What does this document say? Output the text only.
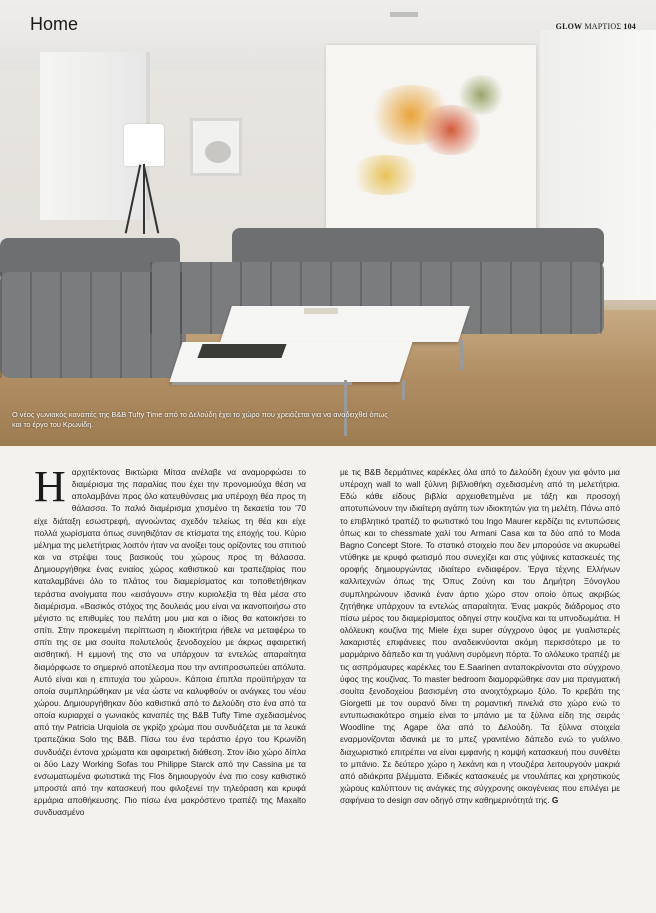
Ο νέος γωνιακός καναπές της B&B Tufty Time από το Δελούδη έχει το χώρο που χρειάζεται για να αναδειχθεί όπως και το έργο του Κρωνίδη.
Home	GLOW ΜΑΡΤΙΟΣ 104
Η αρχιτέκτονας Βικτώρια Μίτσα ανέλαβε να αναμορφώσει το διαμέρισμα της παραλίας που έχει την προνομιούχα θέση να απολαμβάνει προς όλο κατευθύνσεις μια υπέροχη θέα προς τη θάλασσα. Το παλιό διαμέρισμα χτισμένο τη δεκαετία του '70 είχε διάταξη εσωστρεφή, αγνοώντας σχεδόν τελείως τη θέα και είχε πολλά χωρίσματα όπως συνηθιζόταν σε κτίσματα της εποχής του. Κύριο μέλημα της μελετήτριας λοιπόν ήταν να ανοίξει τους ορίζοντες του σπιτιού και να στρέψει τους βασικούς του χώρους προς τη θάλασσα. Δημιουργήθηκε ένας ενιαίος χώρος καθιστικού και τραπεζαρίας που καταλαμβάνει όλο το πλάτος του διαμερίσματος και τοποθετήθηκαν τεράστια ανοίγματα που «εισάγουν» στην κυριολεξία τη θέα μέσα στο διαμέρισμα. «Βασικός στόχος της δουλειάς μου είναι να ικανοποιήσω στο μέγιστο τις επιθυμίες του πελάτη μου μια και ο ίδιος θα κατοικήσει το σπίτι. Στην προκειμένη περίπτωση η ιδιοκτήτρια ήθελε να μεταφέρω το σπίτι της σε μια σουίτα πολυτελούς ξενοδοχείου με άκρως αφαιρετική αισθητική. Η εμμονή της στο να υπάρχουν τα εντελώς απαραίτητα διαμόρφωσε το σημερινό αποτέλεσμα που την αντιπροσωπεύει απόλυτα. Αυτό είναι και η επιτυχία του χώρου». Κάποια έπιπλα προϋπήρχαν τα οποία συμπληρώθηκαν με νέα ώστε να καλυφθούν οι ανάγκες του νέου χώρου. Δημιουργήθηκαν δύο καθιστικά από το Δελούδη στο ένα από τα οποία κυριαρχεί ο γωνιακός καναπές της B&B Tufty Time σχεδιασμένος από την Patricia Urquiola σε γκρίζο χρώμα που συνδυάζεται με τα λευκά τραπεζάκια Solo της B&B. Πίσω του ένα τεράστιο έργο του Κρωνίδη συνδυάζει έντονα χρώματα και αφαιρετική διάθεση. Στον ίδιο χώρο δίπλα οι δύο Lazy Working Sofas του Philippe Starck από την Cassina με τα ενσωματωμένα φωτιστικά της Flos δημιουργούν ένα πιο cosy καθιστικό μπροστά από την κατασκευή που φιλοξενεί την τηλεόραση και κρυφά ερμάρια αποθήκευσης. Πιο πίσω ένα μακρόστενο τραπέζι της Maxalto συνδυασμένο
με τις B&B δερμάτινες καρέκλες όλα από το Δελούδη έχουν για φόντο μια υπέροχη wall to wall ξύλινη βιβλιοθήκη σχεδιασμένη από τη μελετήτρια. Εδώ κάθε είδους βιβλία αρχειοθετημένα με τάξη και προσοχή αποτυπώνουν την ιδιαίτερη αγάπη των ιδιοκτητών για τη μελέτη. Πάνω από το επιβλητικό τραπέζι το φωτιστικό του Ingo Maurer κερδίζει τις εντυπώσεις όπως και το chessmate χαλί του Armani Casa και τα δύο από το Moda Bagno Concept Store. Το στατικό στοιχείο που δεν μπορούσε να ακυρωθεί ντύθηκε με κρυφό φωτισμό που συνεχίζει και στις γύψινες κατασκευές της οροφής δημιουργώντας ιδιαίτερο ενδιαφέρον. Έργα τέχνης Ελλήνων καλλιτεχνών όπως της Όπυς Ζούνη και του Δημήτρη Ξόνογλου συμπληρώνουν ιδανικά έναν άρτιο χώρο στον οποίο όπως ακριβώς ζητήθηκε υπάρχουν τα εντελώς απαραίτητα. Ένας μακρύς διάδρομος στο πίσω μέρος του διαμερίσματος οδηγεί στην κουζίνα και τα υπνοδωμάτια. Η ολόλευκη κουζίνα της Miele έχει super σύγχρονο ύφος με γυαλιστερές λακαριστές επιφάνειες που αναδεικνύονται ακόμη περισσότερο με το μαρμάρινο δάπεδο και τη γυάλινη συρόμενη πόρτα. Το ολόλευκο τραπέζι με τις ασπρόμαυρες καρέκλες του E.Saarinen ανταποκρίνονται στο σύγχρονο ύφος της κουζίνας. Το master bedroom διαμορφώθηκε σαν μια πραγματική σουίτα ξενοδοχείου βασισμένη στο ανοιχτόχρωμο ξύλο. Το κρεβάτι της Giorgetti με τον ουρανό δίνει τη ρομαντική πινελιά στο χώρο ενώ το εντυπωσιακότερο σημείο είναι το μπάνιο με τα ξύλινα είδη της σειράς Woodline της Agape όλα από το Δελούδη. Τα ξύλινα στοιχεία εναρμονίζονται ιδανικά με το μπεζ γρανιτένιο δάπεδο ενώ το γυάλινο διαχωριστικό επιτρέπει να είναι εμφανής η κομψή κατασκευή που συνθέτει το μπάνιο. Σε δεύτερο χώρο η λεκάνη και η ντουζιέρα λειτουργούν μακριά από αδιάκριτα βλέμματα. Ειδικές κατασκευές με ντουλάπες και χρηστικούς χώρους καλύπτουν τις ανάγκες της σύγχρονης οικογένειας που επιλέγει με σαφήνεια το design σαν οδηγό στην καθημερινότητά της. G
